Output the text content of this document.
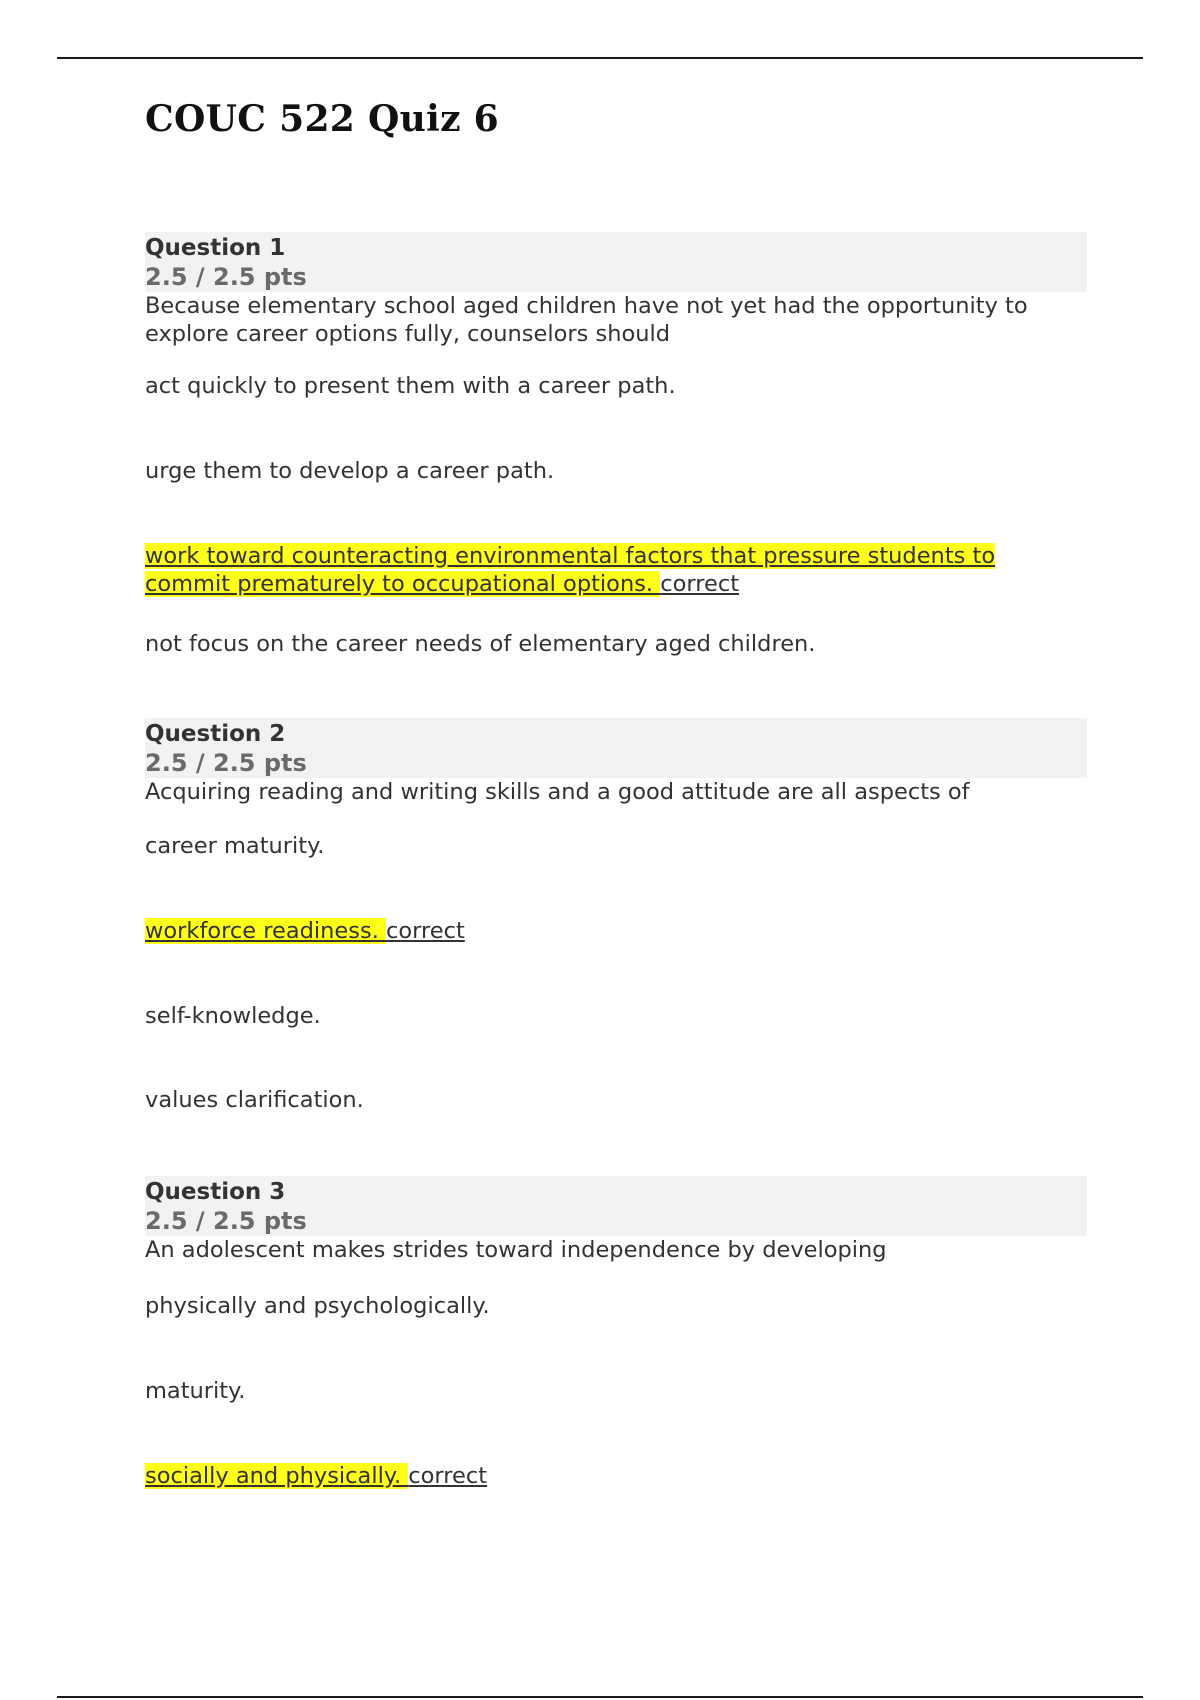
COUC 522 Quiz 6
Question 1
2.5 / 2.5 pts

Because elementary school aged children have not yet had the opportunity to explore career options fully, counselors should

act quickly to present them with a career path.
urge them to develop a career path.
work toward counteracting environmental factors that pressure students to commit prematurely to occupational options. correct
not focus on the career needs of elementary aged children.
Question 2
2.5 / 2.5 pts

Acquiring reading and writing skills and a good attitude are all aspects of

career maturity.
workforce readiness. correct
self-knowledge.
values clarification.
Question 3
2.5 / 2.5 pts

An adolescent makes strides toward independence by developing

physically and psychologically.
maturity.
socially and physically. correct
